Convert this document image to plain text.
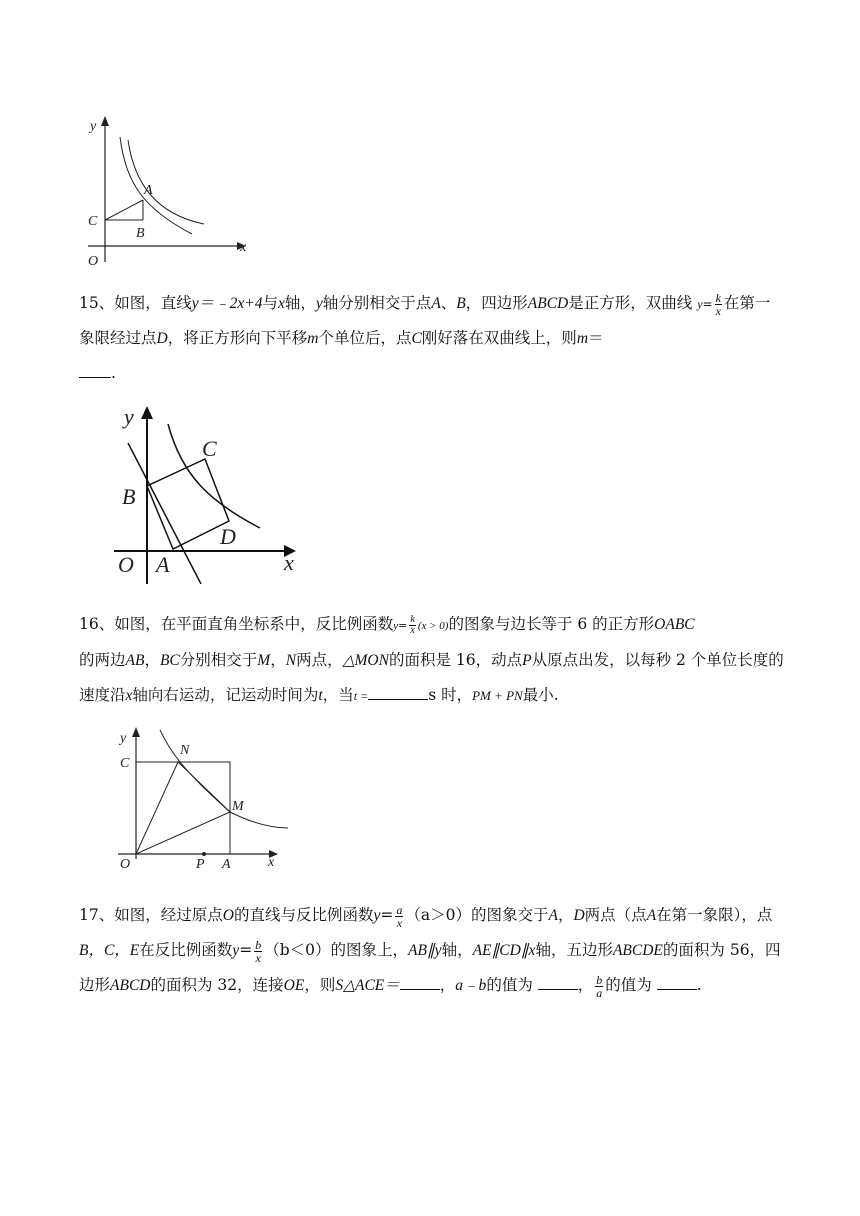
y
x
O
A
B
C

15、如图，直线y＝﹣2x+4与x轴，y轴分别相交于点A、B，四边形ABCD是正方形，双曲线 $y= \frac{k}{x}$ 在第一象限经过点D，将正方形向下平移m个单位后，点C刚好落在双曲线上，则m＝
.

y
x
O A
B
C
D

16、如图，在平面直角坐标系中，反比例函数$y= \frac{k}{x} (x > 0)$的图象与边长等于 6 的正方形OABC
的两边AB，BC分别相交于M，N两点，△MON的面积是 16，动点P从原点出发，以每秒 2 个单位长度的速度沿x轴向右运动，记运动时间为t，当t =	s 时，PM + PN最小.

y
x
O	A
C
P
M
N

17、如图，经过原点O的直线与反比例函数$y= \frac{a}{x} (a>0)$的图象交于A，D两点（点A在第一象限），点B，C，E在反比例函数$y= \frac{b}{x} (b<0)$的图象上，AB∥y轴，AE∥CD∥x轴，五边形ABCDE的面积为 56，四边形ABCD的面积为 32，连接OE，则S△ACE＝	，a﹣b的值为	， $\frac{b}{a}$ 的值为	.
